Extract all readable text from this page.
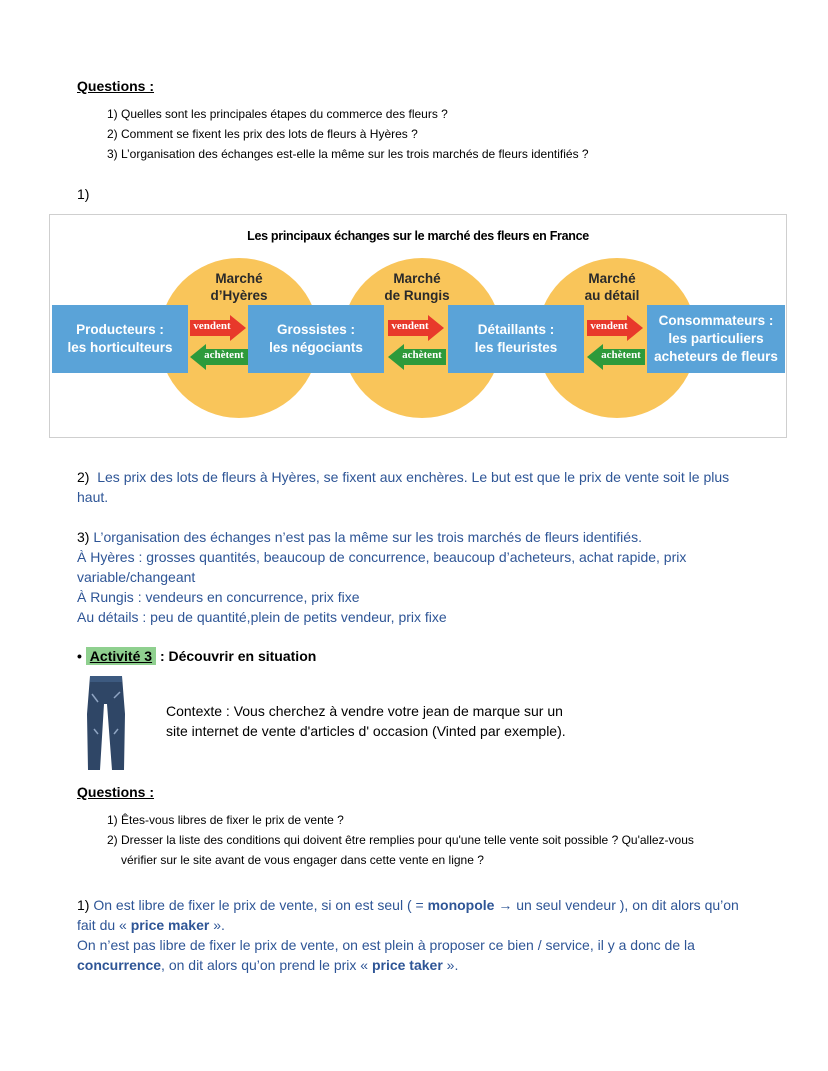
Questions :
1) Quelles sont les principales étapes du commerce des fleurs ?
2) Comment se fixent les prix des lots de fleurs à Hyères ?
3) L’organisation des échanges est-elle la même sur les trois marchés de fleurs identifiés ?
1)
Les principaux échanges sur le marché des fleurs en France
Marché
d’Hyères
Marché
de Rungis
Marché
au détail
Producteurs :
les horticulteurs
Grossistes :
les négociants
Détaillants :
les fleuristes
Consommateurs :
les particuliers
acheteurs de fleurs
vendent
achètent
vendent
achètent
vendent
achètent
2) Les prix des lots de fleurs à Hyères, se fixent aux enchères. Le but est que le prix de vente soit le plus haut.
3) L’organisation des échanges n’est pas la même sur les trois marchés de fleurs identifiés.
À Hyères : grosses quantités, beaucoup de concurrence, beaucoup d’acheteurs, achat rapide, prix variable/changeant
À Rungis : vendeurs en concurrence, prix fixe
Au détails : peu de quantité,plein de petits vendeur, prix fixe
• Activité 3 : Découvrir en situation
Contexte : Vous cherchez à vendre votre jean de marque sur un
site internet de vente d'articles d' occasion (Vinted par exemple).
Questions :
1) Êtes-vous libres de fixer le prix de vente ?
2) Dresser la liste des conditions qui doivent être remplies pour qu'une telle vente soit possible ? Qu'allez-vous
vérifier sur le site avant de vous engager dans cette vente en ligne ?
1) On est libre de fixer le prix de vente, si on est seul ( = monopole → un seul vendeur ), on dit alors qu’on fait du « price maker ».
On n’est pas libre de fixer le prix de vente, on est plein à proposer ce bien / service, il y a donc de la concurrence, on dit alors qu’on prend le prix « price taker ».
